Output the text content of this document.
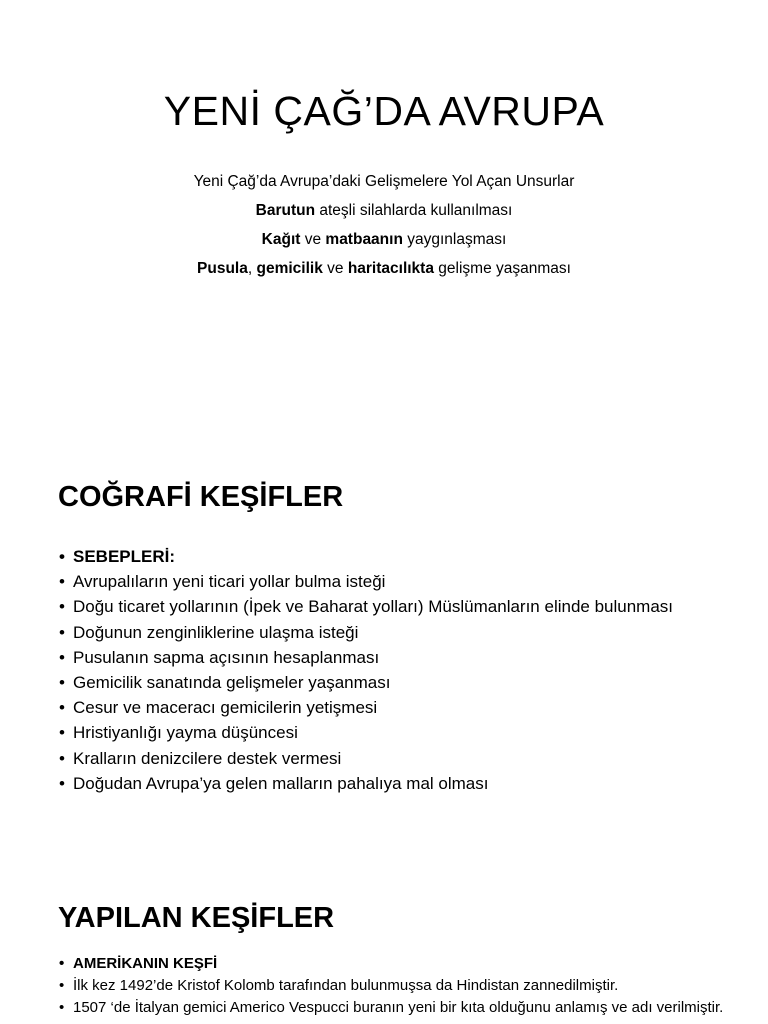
YENİ ÇAĞ’DA AVRUPA
Yeni Çağ’da Avrupa’daki Gelişmelere Yol Açan Unsurlar
Barutun ateşli silahlarda kullanılması
Kağıt ve matbaanın yaygınlaşması
Pusula, gemicilik ve haritacılıkta gelişme yaşanması
COĞRAFİ KEŞİFLER
• SEBEPLERİ:
• Avrupalıların yeni ticari yollar bulma isteği
• Doğu ticaret yollarının (İpek ve Baharat yolları) Müslümanların elinde bulunması
• Doğunun zenginliklerine ulaşma isteği
• Pusulanın sapma açısının hesaplanması
• Gemicilik sanatında gelişmeler yaşanması
• Cesur ve maceracı gemicilerin yetişmesi
• Hristiyanlığı yayma düşüncesi
• Kralların denizcilere destek vermesi
• Doğudan Avrupa’ya gelen malların pahalıya mal olması
YAPILAN KEŞİFLER
• AMERİKANIN KEŞFİ
• İlk kez 1492’de Kristof Kolomb tarafından bulunmuşsa da Hindistan zannedilmiştir.
• 1507 ‘de İtalyan gemici Americo Vespucci buranın yeni bir kıta olduğunu anlamış ve adı verilmiştir.
